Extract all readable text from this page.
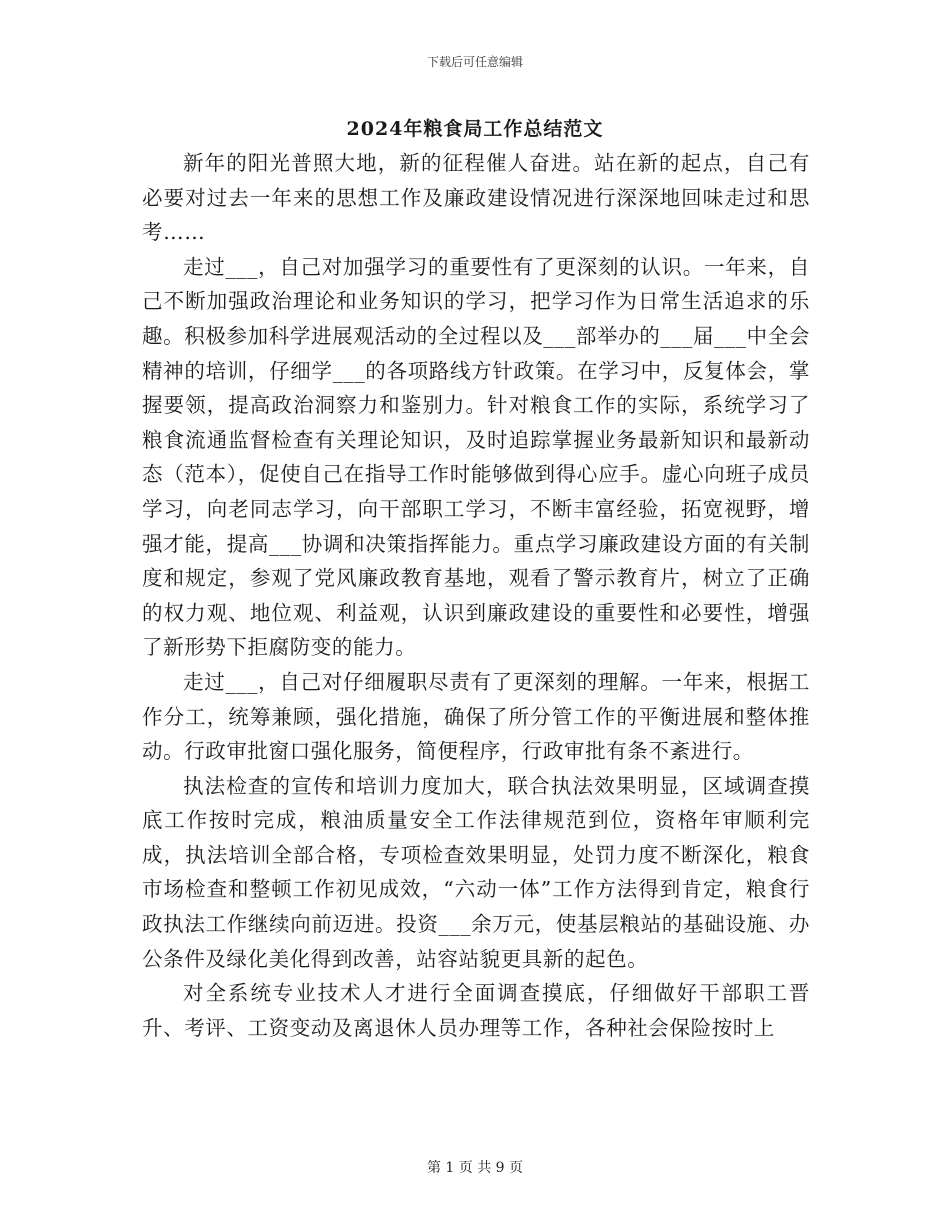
下载后可任意编辑
2024年粮食局工作总结范文

新年的阳光普照大地，新的征程催人奋进。站在新的起点，自己有必要对过去一年来的思想工作及廉政建设情况进行深深地回味走过和思考……

走过___，自己对加强学习的重要性有了更深刻的认识。一年来，自己不断加强政治理论和业务知识的学习，把学习作为日常生活追求的乐趣。积极参加科学进展观活动的全过程以及___部举办的___届___中全会精神的培训，仔细学___的各项路线方针政策。在学习中，反复体会，掌握要领，提高政治洞察力和鉴别力。针对粮食工作的实际，系统学习了粮食流通监督检查有关理论知识，及时追踪掌握业务最新知识和最新动态（范本），促使自己在指导工作时能够做到得心应手。虚心向班子成员学习，向老同志学习，向干部职工学习，不断丰富经验，拓宽视野，增强才能，提高___协调和决策指挥能力。重点学习廉政建设方面的有关制度和规定，参观了党风廉政教育基地，观看了警示教育片，树立了正确的权力观、地位观、利益观，认识到廉政建设的重要性和必要性，增强了新形势下拒腐防变的能力。

走过___，自己对仔细履职尽责有了更深刻的理解。一年来，根据工作分工，统筹兼顾，强化措施，确保了所分管工作的平衡进展和整体推动。行政审批窗口强化服务，简便程序，行政审批有条不紊进行。

执法检查的宣传和培训力度加大，联合执法效果明显，区域调查摸底工作按时完成，粮油质量安全工作法律规范到位，资格年审顺利完成，执法培训全部合格，专项检查效果明显，处罚力度不断深化，粮食市场检查和整顿工作初见成效，“六动一体”工作方法得到肯定，粮食行政执法工作继续向前迈进。投资___余万元，使基层粮站的基础设施、办公条件及绿化美化得到改善，站容站貌更具新的起色。

对全系统专业技术人才进行全面调查摸底，仔细做好干部职工晋升、考评、工资变动及离退休人员办理等工作，各种社会保险按时上

第 1 页 共 9 页
